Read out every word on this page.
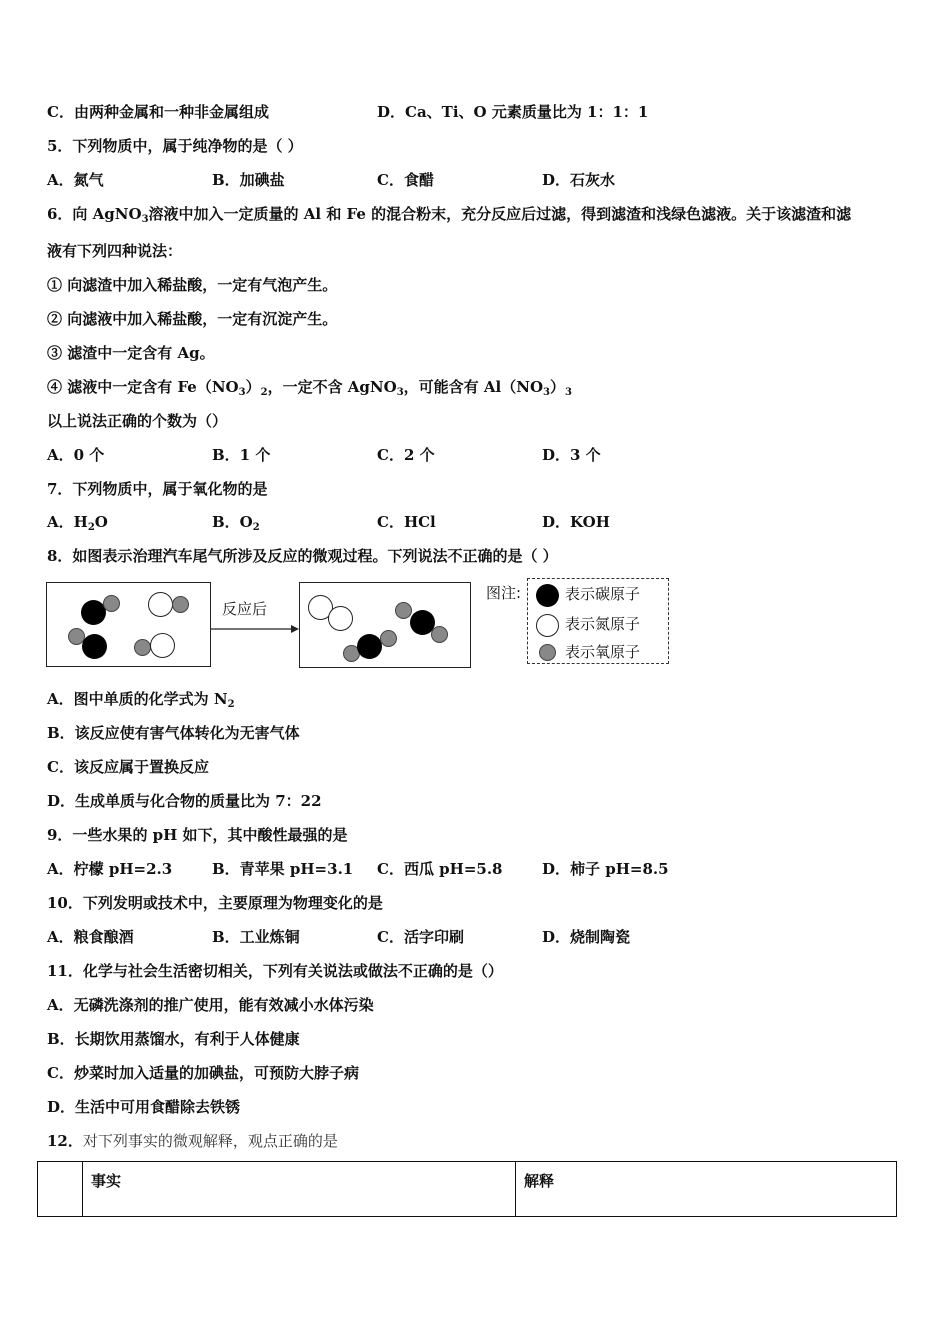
C．由两种金属和一种非金属组成	D．Ca、Ti、O 元素质量比为 1：1：1
5．下列物质中，属于纯净物的是（ ）
A．氮气	B．加碘盐	C．食醋	D．石灰水
6．向 AgNO$_3$溶液中加入一定质量的 Al 和 Fe 的混合粉末，充分反应后过滤，得到滤渣和浅绿色滤液。关于该滤渣和滤
液有下列四种说法：
① 向滤渣中加入稀盐酸，一定有气泡产生。
② 向滤液中加入稀盐酸，一定有沉淀产生。
③ 滤渣中一定含有 Ag。
④ 滤液中一定含有 $Fe(NO_3)_2$，一定不含 AgNO$_3$，可能含有 $Al(NO_3)_3$
以上说法正确的个数为（）
A．0 个	B．1 个	C．2 个	D．3 个
7．下列物质中，属于氧化物的是
A．$H_2O$	B．$O_2$	C．HCl	D．KOH
8．如图表示治理汽车尾气所涉及反应的微观过程。下列说法不正确的是（ ）
反应后
图注:	表示碳原子
表示氮原子
表示氧原子
A．图中单质的化学式为 $N_2$
B．该反应使有害气体转化为无害气体
C．该反应属于置换反应
D．生成单质与化合物的质量比为 7：22
9．一些水果的 pH 如下，其中酸性最强的是
A．柠檬 pH=2.3	B．青苹果 pH=3.1 C．西瓜 pH=5.8	D．柿子 pH=8.5
10．下列发明或技术中，主要原理为物理变化的是
A．粮食酿酒	B．工业炼铜	C．活字印刷	D．烧制陶瓷
11．化学与社会生活密切相关，下列有关说法或做法不正确的是（）
A．无磷洗涤剂的推广使用，能有效减小水体污染
B．长期饮用蒸馏水，有利于人体健康
C．炒菜时加入适量的加碘盐，可预防大脖子病
D．生活中可用食醋除去铁锈
12．对下列事实的微观解释，观点正确的是
	事实	解释
